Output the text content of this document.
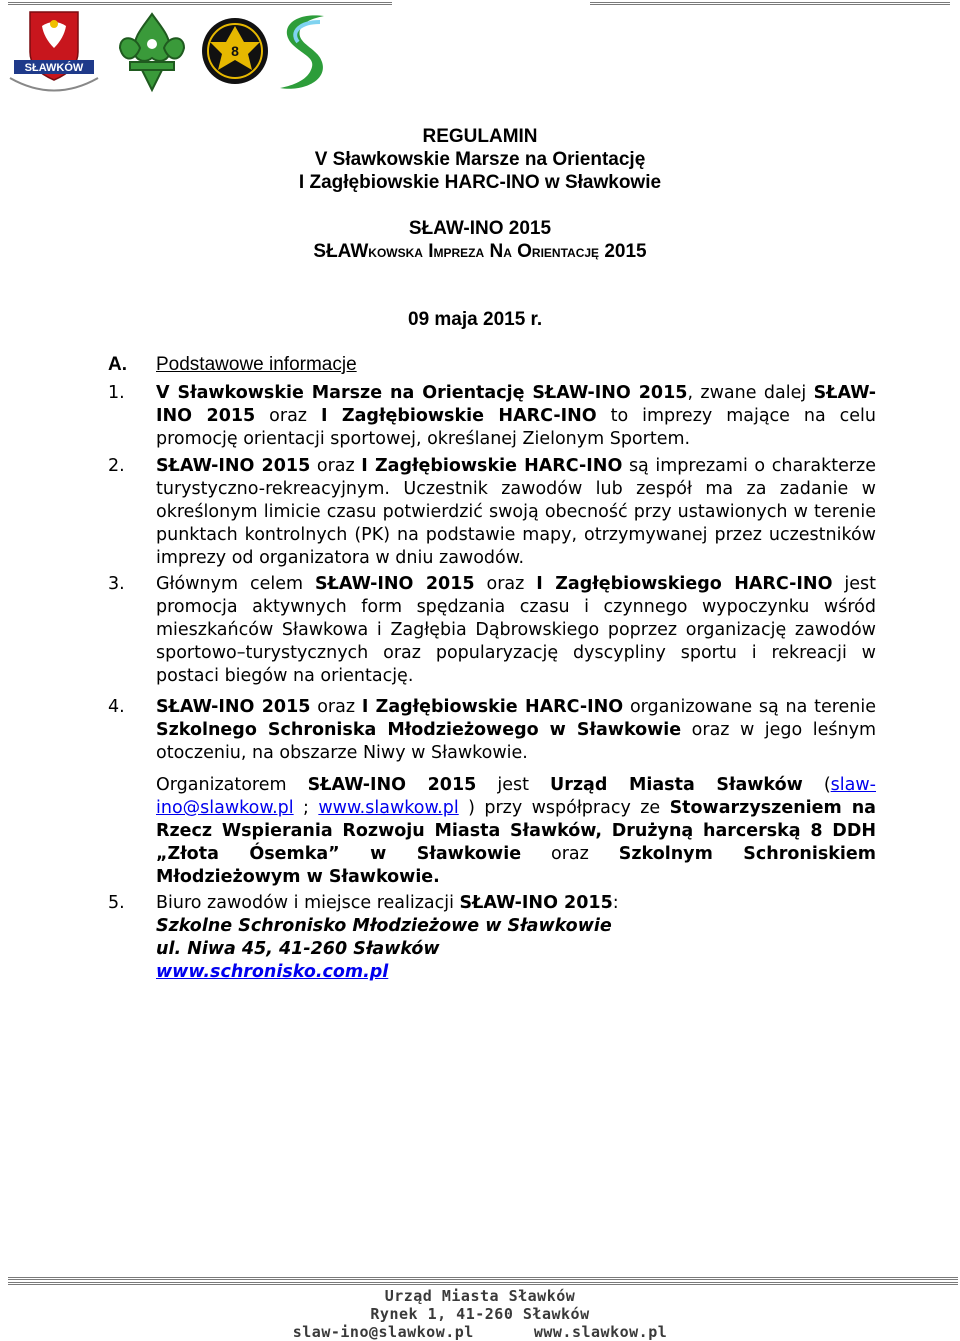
SŁAWKÓW
8
REGULAMIN
V Sławkowskie Marsze na Orientację
I Zagłębiowskie HARC-INO w Sławkowie
SŁAW-INO 2015
SŁAWKOWSKA IMPREZA NA ORIENTACJĘ 2015
09 maja 2015 r.
A. Podstawowe informacje
1.	V Sławkowskie Marsze na Orientację SŁAW-INO 2015, zwane dalej SŁAW-INO 2015 oraz I Zagłębiowskie HARC-INO to imprezy mające na celu promocję orientacji sportowej, określanej Zielonym Sportem.
2.	SŁAW-INO 2015 oraz I Zagłębiowskie HARC-INO są imprezami o charakterze turystyczno-rekreacyjnym. Uczestnik zawodów lub zespół ma za zadanie w określonym limicie czasu potwierdzić swoją obecność przy ustawionych w terenie punktach kontrolnych (PK) na podstawie mapy, otrzymywanej przez uczestników imprezy od organizatora w dniu zawodów.
3.	Głównym celem SŁAW-INO 2015 oraz I Zagłębiowskiego HARC-INO jest promocja aktywnych form spędzania czasu i czynnego wypoczynku wśród mieszkańców Sławkowa i Zagłębia Dąbrowskiego poprzez organizację zawodów sportowo–turystycznych oraz popularyzację dyscypliny sportu i rekreacji w postaci biegów na orientację.
4.	SŁAW-INO 2015 oraz I Zagłębiowskie HARC-INO organizowane są na terenie Szkolnego Schroniska Młodzieżowego w Sławkowie oraz w jego leśnym otoczeniu, na obszarze Niwy w Sławkowie.
Organizatorem SŁAW-INO 2015 jest Urząd Miasta Sławków (slaw-ino@slawkow.pl ; www.slawkow.pl ) przy współpracy ze Stowarzyszeniem na Rzecz Wspierania Rozwoju Miasta Sławków, Drużyną harcerską 8 DDH „Złota Ósemka” w Sławkowie oraz Szkolnym Schroniskiem Młodzieżowym w Sławkowie.
5.	Biuro zawodów i miejsce realizacji SŁAW-INO 2015:
Szkolne Schronisko Młodzieżowe w Sławkowie
ul. Niwa 45, 41-260 Sławków
www.schronisko.com.pl
Urząd Miasta Sławków
Rynek 1, 41-260 Sławków
slaw-ino@slawkow.pl	www.slawkow.pl
